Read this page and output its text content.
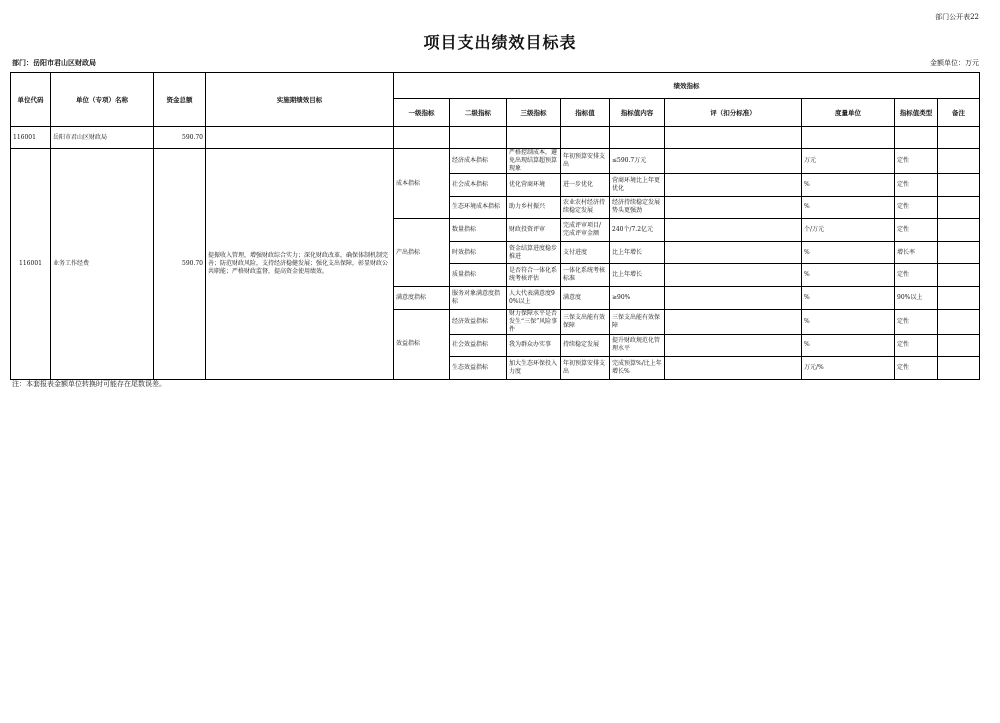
部门公开表22
项目支出绩效目标表
部门：岳阳市君山区财政局	金额单位：万元
单位代码	单位（专项）名称	资金总额	实施期绩效目标	绩效指标								
				一级指标	二级指标	三级指标	指标值	指标值内容	评（扣分标准）	度量单位	指标值类型	备注
116001	岳阳市君山区财政局	590.70										
116001	业务工作经费	590.70	提振收入管理，增强财政综合实力；深化财政改革，确保体制机制完善；防范财政风险，支持经济稳健发展；强化支出保障，彰显财政公共职能；严格财政监督，提高资金使用绩效。	成本指标	经济成本指标	严格控制成本，避免出现结算超预算现象	年初预算安排支出	≤590.7万元		万元	定性	
					社会成本指标	优化营商环境	进一步优化	营商环境比上年更优化		%	定性	
					生态环境成本指标	助力乡村振兴	农业农村经济持续稳定发展	经济持续稳定发展势头更强劲		%	定性	
				产出指标	数量指标	财政投资评审	完成评审项目/完成评审金额	240个/7.2亿元		个/万元	定性	
					时效指标	资金结算进度稳步推进	支付进度	比上年增长		%	增长率	
					质量指标	是否符合一体化系统考核评估	一体化系统考核标准	比上年增长		%	定性	
				满意度指标	服务对象满意度指标	人大代表满意度90%以上	满意度	≥90%		%	90%以上	
				效益指标	经济效益指标	财力保障水平是否发生“三保”风险事件	三保支出能有效保障	三保支出能有效保障		%	定性	
					社会效益指标	我为群众办实事	持续稳定发展	提升财政规范化管理水平		%	定性	
					生态效益指标	加大生态环保投入力度	年初预算安排支出	完成预算%/比上年增长%		万元/%	定性	
注：本套报表金额单位转换时可能存在尾数误差。
